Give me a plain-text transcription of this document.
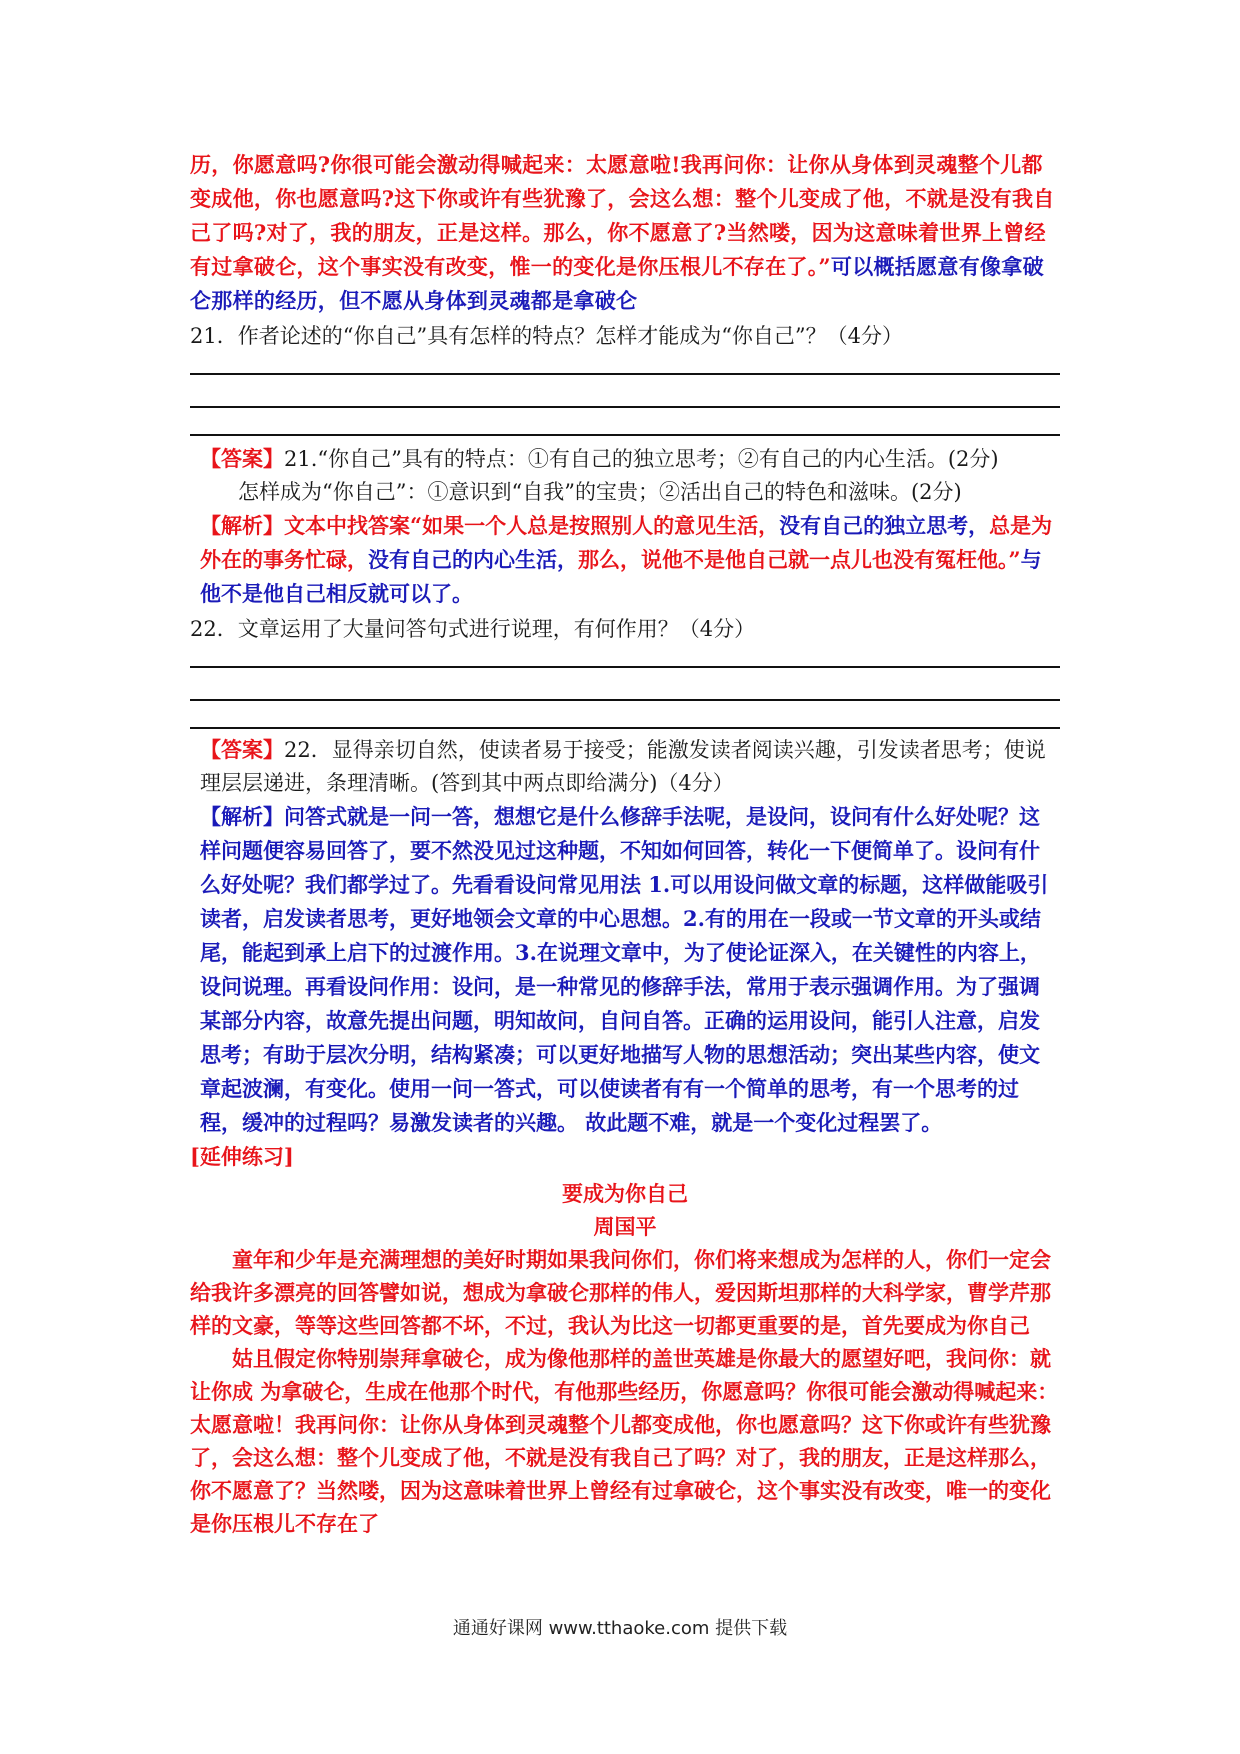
历，你愿意吗?你很可能会激动得喊起来：太愿意啦!我再问你：让你从身体到灵魂整个儿都变成他，你也愿意吗?这下你或许有些犹豫了，会这么想：整个儿变成了他，不就是没有我自己了吗?对了，我的朋友，正是这样。那么，你不愿意了?当然喽，因为这意味着世界上曾经有过拿破仑，这个事实没有改变，惟一的变化是你压根儿不存在了。”可以概括愿意有像拿破仑那样的经历，但不愿从身体到灵魂都是拿破仑

21．作者论述的“你自己”具有怎样的特点？怎样才能成为“你自己”？（4分）

【答案】21.“你自己”具有的特点：①有自己的独立思考；②有自己的内心生活。(2分)

怎样成为“你自己”：①意识到“自我”的宝贵；②活出自己的特色和滋味。(2分)

【解析】文本中找答案“如果一个人总是按照别人的意见生活，没有自己的独立思考，总是为外在的事务忙碌，没有自己的内心生活，那么，说他不是他自己就一点儿也没有冤枉他。”与他不是他自己相反就可以了。

22．文章运用了大量问答句式进行说理，有何作用？（4分）

【答案】22．显得亲切自然，使读者易于接受；能激发读者阅读兴趣，引发读者思考；使说理层层递进，条理清晰。(答到其中两点即给满分)（4分）

【解析】问答式就是一问一答，想想它是什么修辞手法呢，是设问，设问有什么好处呢？这样问题便容易回答了，要不然没见过这种题，不知如何回答，转化一下便简单了。设问有什么好处呢？我们都学过了。先看看设问常见用法 1.可以用设问做文章的标题，这样做能吸引读者，启发读者思考，更好地领会文章的中心思想。2.有的用在一段或一节文章的开头或结尾，能起到承上启下的过渡作用。3.在说理文章中，为了使论证深入，在关键性的内容上，设问说理。再看设问作用：设问，是一种常见的修辞手法，常用于表示强调作用。为了强调某部分内容，故意先提出问题，明知故问，自问自答。正确的运用设问，能引人注意，启发思考；有助于层次分明，结构紧凑；可以更好地描写人物的思想活动；突出某些内容，使文章起波澜，有变化。使用一问一答式，可以使读者有有一个简单的思考，有一个思考的过程，缓冲的过程吗？易激发读者的兴趣。 故此题不难，就是一个变化过程罢了。

[延伸练习]

要成为你自己

周国平

童年和少年是充满理想的美好时期如果我问你们，你们将来想成为怎样的人，你们一定会给我许多漂亮的回答譬如说，想成为拿破仑那样的伟人，爱因斯坦那样的大科学家，曹学芹那样的文豪，等等这些回答都不坏，不过，我认为比这一切都更重要的是，首先要成为你自己

姑且假定你特别崇拜拿破仑，成为像他那样的盖世英雄是你最大的愿望好吧，我问你：就让你成 为拿破仑，生成在他那个时代，有他那些经历，你愿意吗？你很可能会激动得喊起来：太愿意啦！我再问你：让你从身体到灵魂整个儿都变成他，你也愿意吗？这下你或许有些犹豫了，会这么想：整个儿变成了他，不就是没有我自己了吗？对了，我的朋友，正是这样那么，你不愿意了？当然喽，因为这意味着世界上曾经有过拿破仑，这个事实没有改变，唯一的变化是你压根儿不存在了

通通好课网 www.tthaoke.com 提供下载
